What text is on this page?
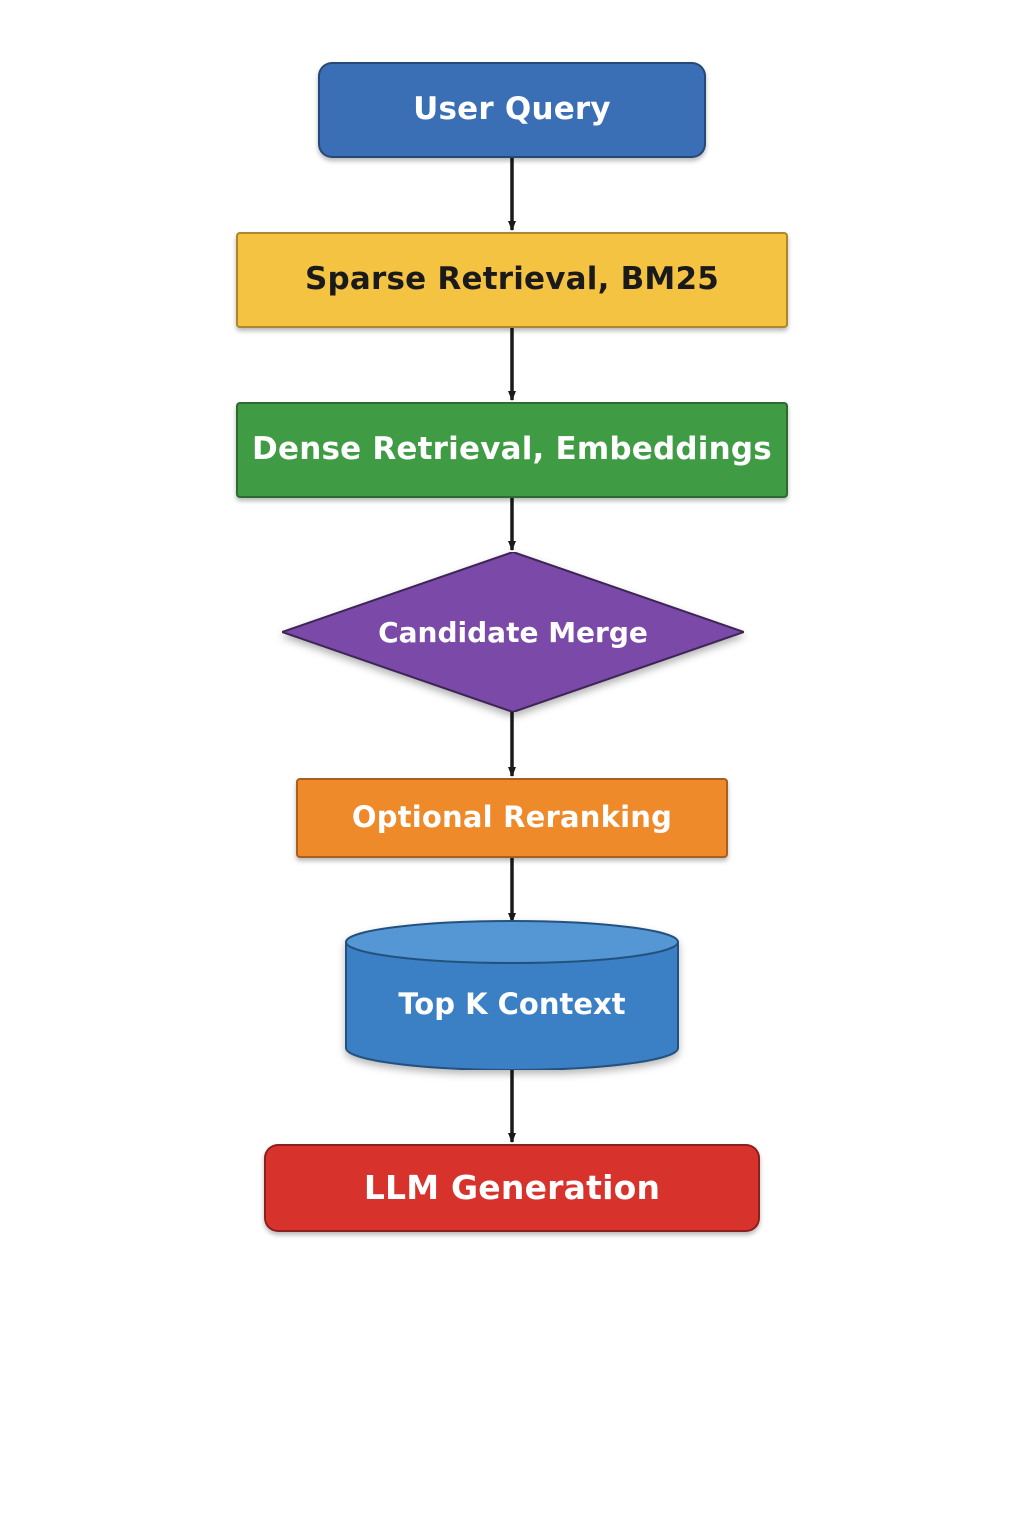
User Query
Sparse Retrieval, BM25
Dense Retrieval, Embeddings
Candidate Merge
Optional Reranking
Top K Context
LLM Generation
